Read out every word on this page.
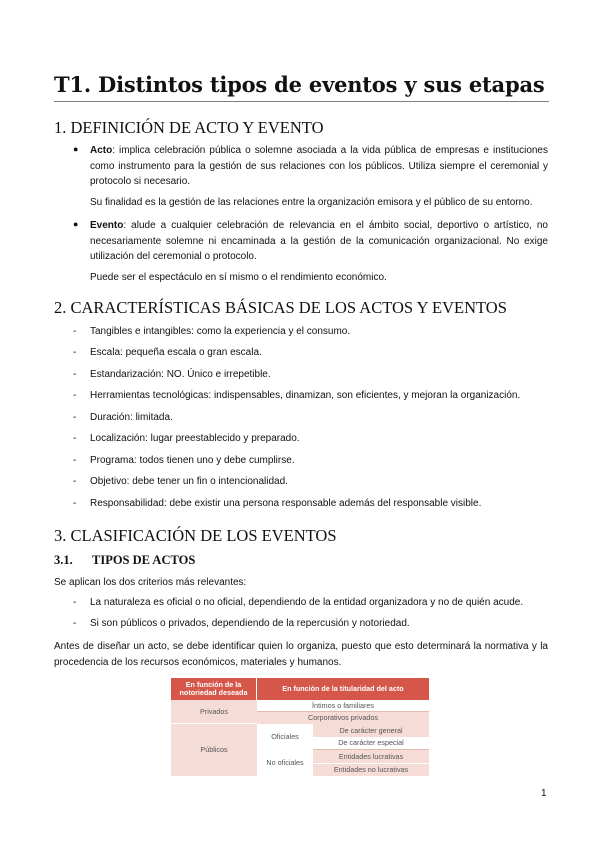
T1. Distintos tipos de eventos y sus etapas
1. DEFINICIÓN DE ACTO Y EVENTO
● Acto: implica celebración pública o solemne asociada a la vida pública de empresas e instituciones
como instrumento para la gestión de sus relaciones con los públicos. Utiliza siempre el ceremonial y
protocolo si necesario.
Su finalidad es la gestión de las relaciones entre la organización emisora y el público de su entorno.
● Evento: alude a cualquier celebración de relevancia en el ámbito social, deportivo o artístico, no
necesariamente solemne ni encaminada a la gestión de la comunicación organizacional. No exige
utilización del ceremonial o protocolo.
Puede ser el espectáculo en sí mismo o el rendimiento económico.
2. CARACTERÍSTICAS BÁSICAS DE LOS ACTOS Y EVENTOS
- Tangibles e intangibles: como la experiencia y el consumo.
- Escala: pequeña escala o gran escala.
- Estandarización: NO. Único e irrepetible.
- Herramientas tecnológicas: indispensables, dinamizan, son eficientes, y mejoran la organización.
- Duración: limitada.
- Localización: lugar preestablecido y preparado.
- Programa: todos tienen uno y debe cumplirse.
- Objetivo: debe tener un fin o intencionalidad.
- Responsabilidad: debe existir una persona responsable además del responsable visible.
3. CLASIFICACIÓN DE LOS EVENTOS
3.1. TIPOS DE ACTOS
Se aplican los dos criterios más relevantes:
- La naturaleza es oficial o no oficial, dependiendo de la entidad organizadora y no de quién acude.
- Si son públicos o privados, dependiendo de la repercusión y notoriedad.
Antes de diseñar un acto, se debe identificar quien lo organiza, puesto que esto determinará la normativa y la
procedencia de los recursos económicos, materiales y humanos.
En función de la notoriedad deseada	En función de la titularidad del acto
Privados
Íntimos o familiares
Corporativos privados
Públicos
Oficiales
De carácter general
De carácter especial
No oficiales
Entidades lucrativas
Entidades no lucrativas
1
